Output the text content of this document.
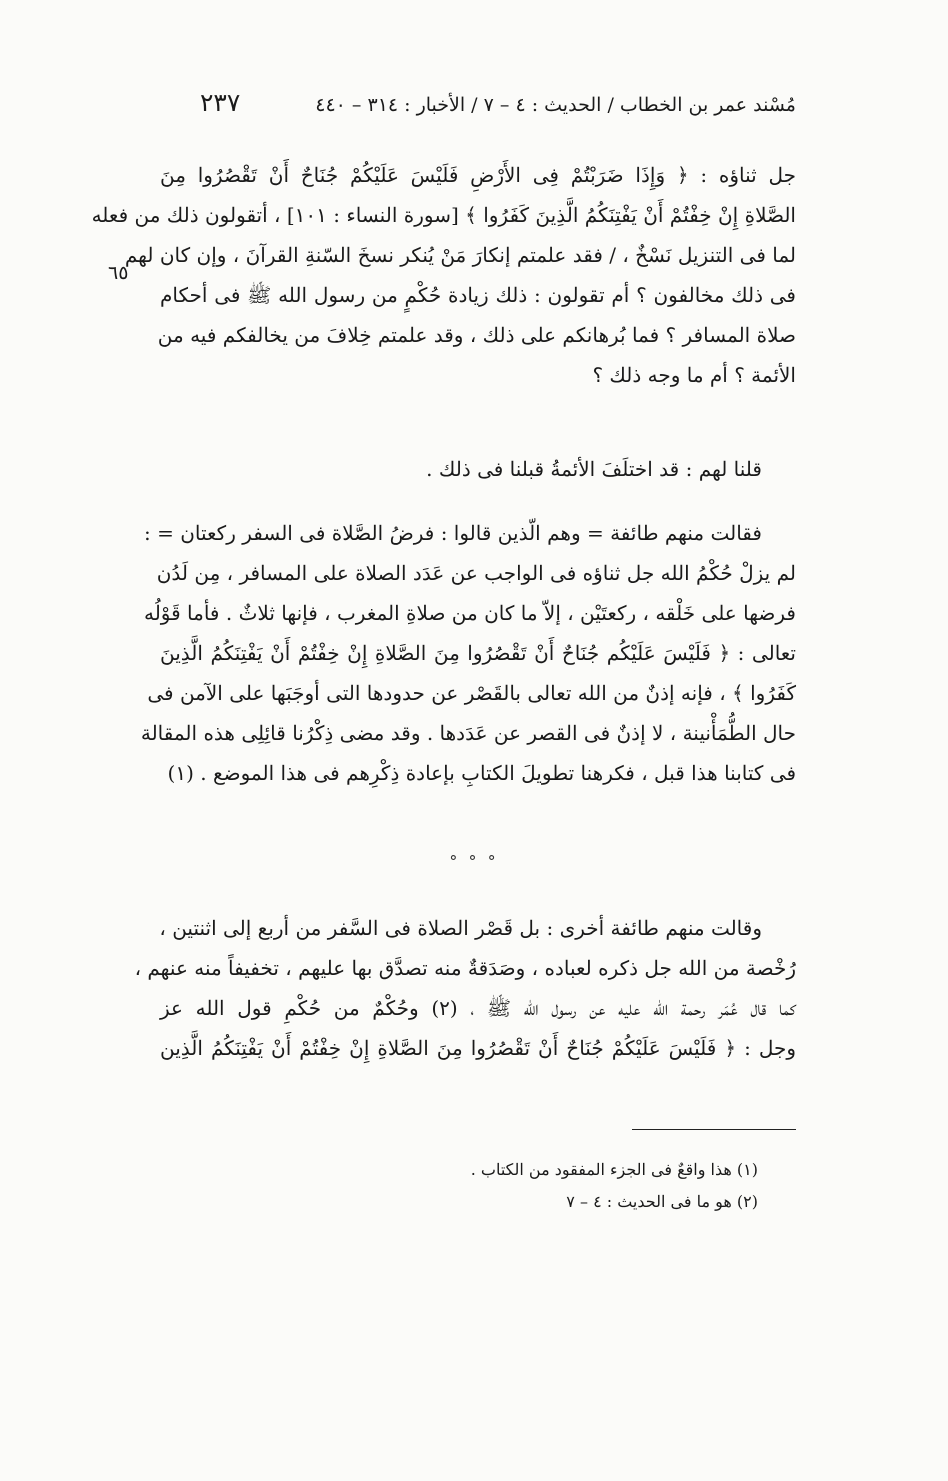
مُسْند عمر بن الخطاب / الحديث : ٤ – ٧ / الأخبار : ٣١٤ – ٤٤٠
٢٣٧
٦٥
جل ثناؤه : ﴿ وَإِذَا ضَرَبْتُمْ فِى الأَرْضِ فَلَيْسَ عَلَيْكُمْ جُنَاحٌ أَنْ تَقْصُرُوا مِنَ
الصَّلاةِ إِنْ خِفْتُمْ أَنْ يَفْتِنَكُمُ الَّذِينَ كَفَرُوا ﴾ [سورة النساء : ١٠١] ، أتقولون ذلك من فعله
لما فى التنزيل نَسْخٌ ، / فقد علمتم إنكارَ مَنْ يُنكر نسخَ السّنةِ القرآنَ ، وإن كان لهم
فى ذلك مخالفون ؟ أم تقولون : ذلك زيادة حُكْمٍ من رسول الله ﷺ فى أحكام
صلاة المسافر ؟ فما بُرهانكم على ذلك ، وقد علمتم خِلافَ من يخالفكم فيه من
الأئمة ؟ أم ما وجه ذلك ؟
قلنا لهم : قد اختلَفَ الأئمةُ قبلنا فى ذلك .
فقالت منهم طائفة = وهم الّذين قالوا : فرضُ الصَّلاة فى السفر ركعتان = :
لم يزلْ حُكْمُ الله جل ثناؤه فى الواجب عن عَدَد الصلاة على المسافر ، مِن لَدُن
فرضها على خَلْقه ، ركعتَيْن ، إلاّ ما كان من صلاةِ المغرب ، فإنها ثلاثٌ . فأما قَوْلُه
تعالى : ﴿ فَلَيْسَ عَلَيْكُم جُنَاحٌ أَنْ تَقْصُرُوا مِنَ الصَّلاةِ إِنْ خِفْتُمْ أَنْ يَفْتِنَكُمُ الَّذِينَ
كَفَرُوا ﴾ ، فإنه إذنٌ من الله تعالى بالقَصْر عن حدودها التى أوجَبَها على الآمن فى
حال الطُّمَأْنينة ، لا إذنٌ فى القصر عن عَدَدها . وقد مضى ذِكْرُنا قائِلِى هذه المقالة
فى كتابنا هذا قبل ، فكرهنا تطويلَ الكتابِ بإعادة ذِكْرِهم فى هذا الموضع . (١)
° ° °
وقالت منهم طائفة أخرى : بل قَصْر الصلاة فى السَّفر من أربع إلى اثنتين ،
رُخْصة من الله جل ذكره لعباده ، وصَدَقةٌ منه تصدَّق بها عليهم ، تخفيفاً منه عنهم ،
كما قال عُمَر رحمة الله عليه عن رسول الله ﷺ ، (٢) وحُكْمٌ من حُكْمِ قول الله عز
وجل : ﴿ فَلَيْسَ عَلَيْكُمْ جُنَاحٌ أَنْ تَقْصُرُوا مِنَ الصَّلاةِ إِنْ خِفْتُمْ أَنْ يَفْتِنَكُمُ الَّذِين
(١) هذا واقعٌ فى الجزء المفقود من الكتاب .
(٢) هو ما فى الحديث : ٤ – ٧
